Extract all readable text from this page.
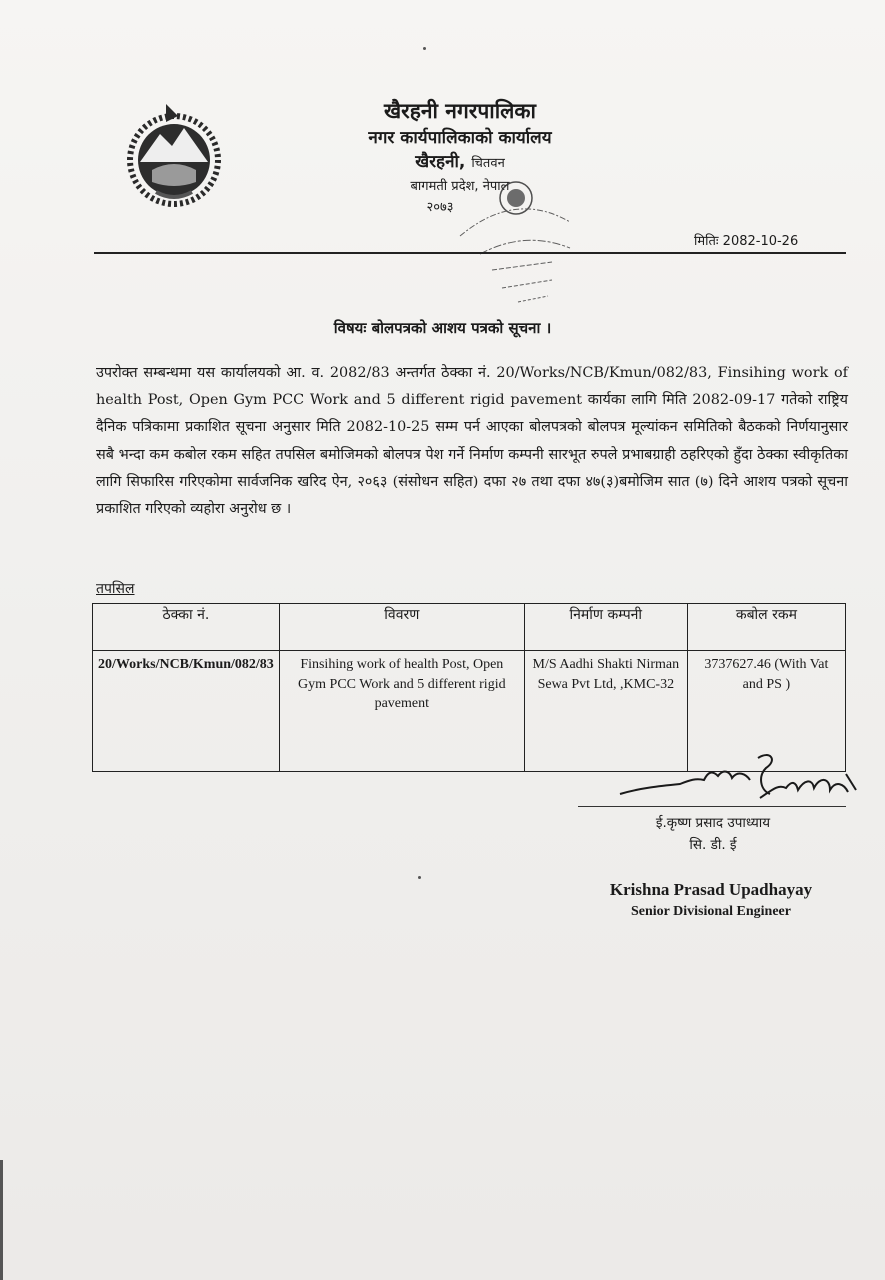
खैरहनी नगरपालिका
नगर कार्यपालिकाको कार्यालय
खैरहनी, चितवन
बागमती प्रदेश, नेपाल
२०७३
मितिः 2082-10-26
विषयः बोलपत्रको आशय पत्रको सूचना ।
उपरोक्त सम्बन्धमा यस कार्यालयको आ. व. 2082/83 अन्तर्गत ठेक्का नं. 20/Works/NCB/Kmun/082/83, Finsihing work of health Post, Open Gym PCC Work and 5 different rigid pavement कार्यका लागि मिति 2082-09-17 गतेको राष्ट्रिय दैनिक पत्रिकामा प्रकाशित सूचना अनुसार मिति 2082-10-25 सम्म पर्न आएका बोलपत्रको बोलपत्र मूल्यांकन समितिको बैठकको निर्णयानुसार सबै भन्दा कम कबोल रकम सहित तपसिल बमोजिमको बोलपत्र पेश गर्ने निर्माण कम्पनी सारभूत रुपले प्रभाबग्राही ठहरिएको हुँदा ठेक्का स्वीकृतिका लागि सिफारिस गरिएकोमा सार्वजनिक खरिद ऐन, २०६३ (संसोधन सहित) दफा २७ तथा दफा ४७(३)बमोजिम सात (७) दिने आशय पत्रको सूचना प्रकाशित गरिएको व्यहोरा अनुरोध छ ।
तपसिल
ठेक्का नं.	विवरण	निर्माण कम्पनी	कबोल रकम
20/Works/NCB/Kmun/082/83	Finsihing work of health Post, Open Gym PCC Work and 5 different rigid pavement	M/S Aadhi Shakti Nirman Sewa Pvt Ltd, ,KMC-32	3737627.46 (With Vat and PS )
ई.कृष्ण प्रसाद उपाध्याय
सि. डी. ई
Krishna Prasad Upadhayay
Senior Divisional Engineer
